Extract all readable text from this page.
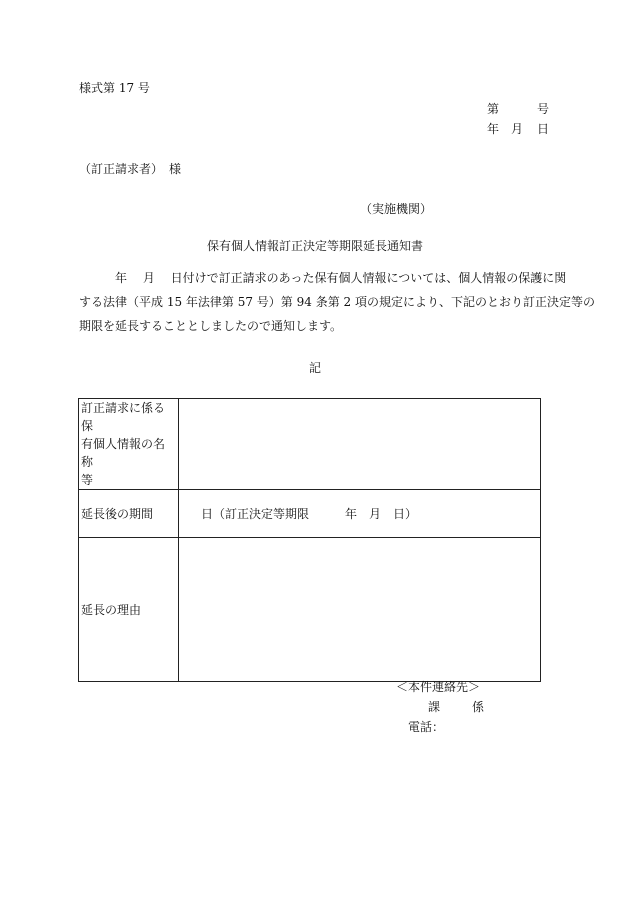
様式第 17 号
第	号
年 月 日
（訂正請求者）　様
（実施機関）
保有個人情報訂正決定等期限延長通知書
　　　年　 月　 日付けで訂正請求のあった保有個人情報については、個人情報の保護に関
する法律（平成 15 年法律第 57 号）第 94 条第 2 項の規定により、下記のとおり訂正決定等の
期限を延長することとしましたので通知します。
記
訂正請求に係る保
有個人情報の名称
等	

延長後の期間	日（訂正決定等期限 年 月 日）
延長の理由	
＜本件連絡先＞
課	係
電話：
